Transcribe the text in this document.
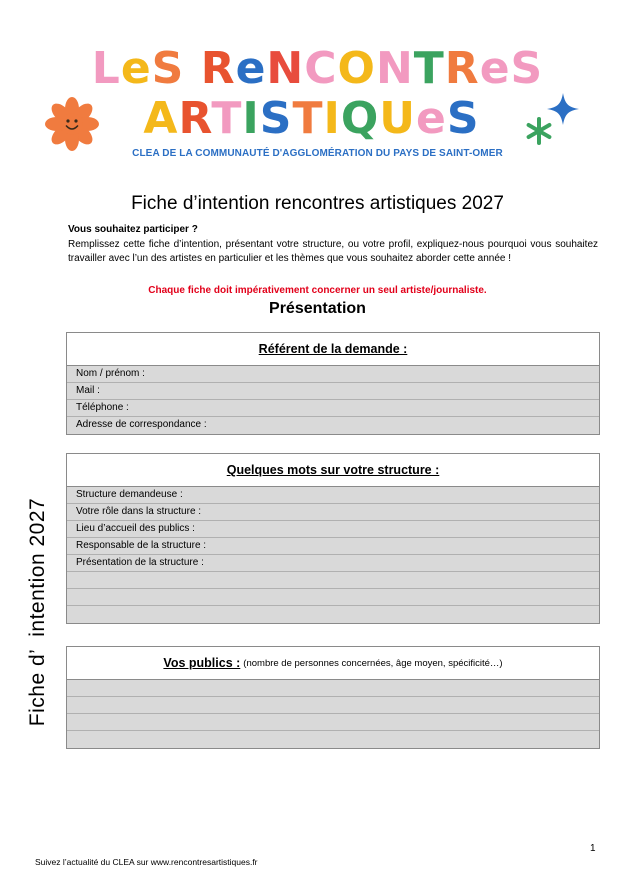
LeS ReNCONTReS
ARTISTIQUeS
CLEA DE LA COMMUNAUTÉ D'AGGLOMÉRATION DU PAYS DE SAINT-OMER
Fiche d’intention rencontres artistiques 2027
Vous souhaitez participer ?
Remplissez cette fiche d’intention, présentant votre structure, ou votre profil, expliquez-nous pourquoi vous souhaitez travailler avec l’un des artistes en particulier et les thèmes que vous souhaitez aborder cette année !
Chaque fiche doit impérativement concerner un seul artiste/journaliste.
Présentation
Référent de la demande :
Nom / prénom :
Mail :
Téléphone :
Adresse de correspondance :
Quelques mots sur votre structure :
Structure demandeuse :
Votre rôle dans la structure :
Lieu d’accueil des publics :
Responsable de la structure :
Présentation de la structure :
Vos publics : (nombre de personnes concernées, âge moyen, spécificité…)
Fiche d’  intention 2027
1
Suivez l’actualité du CLEA sur www.rencontresartistiques.fr
